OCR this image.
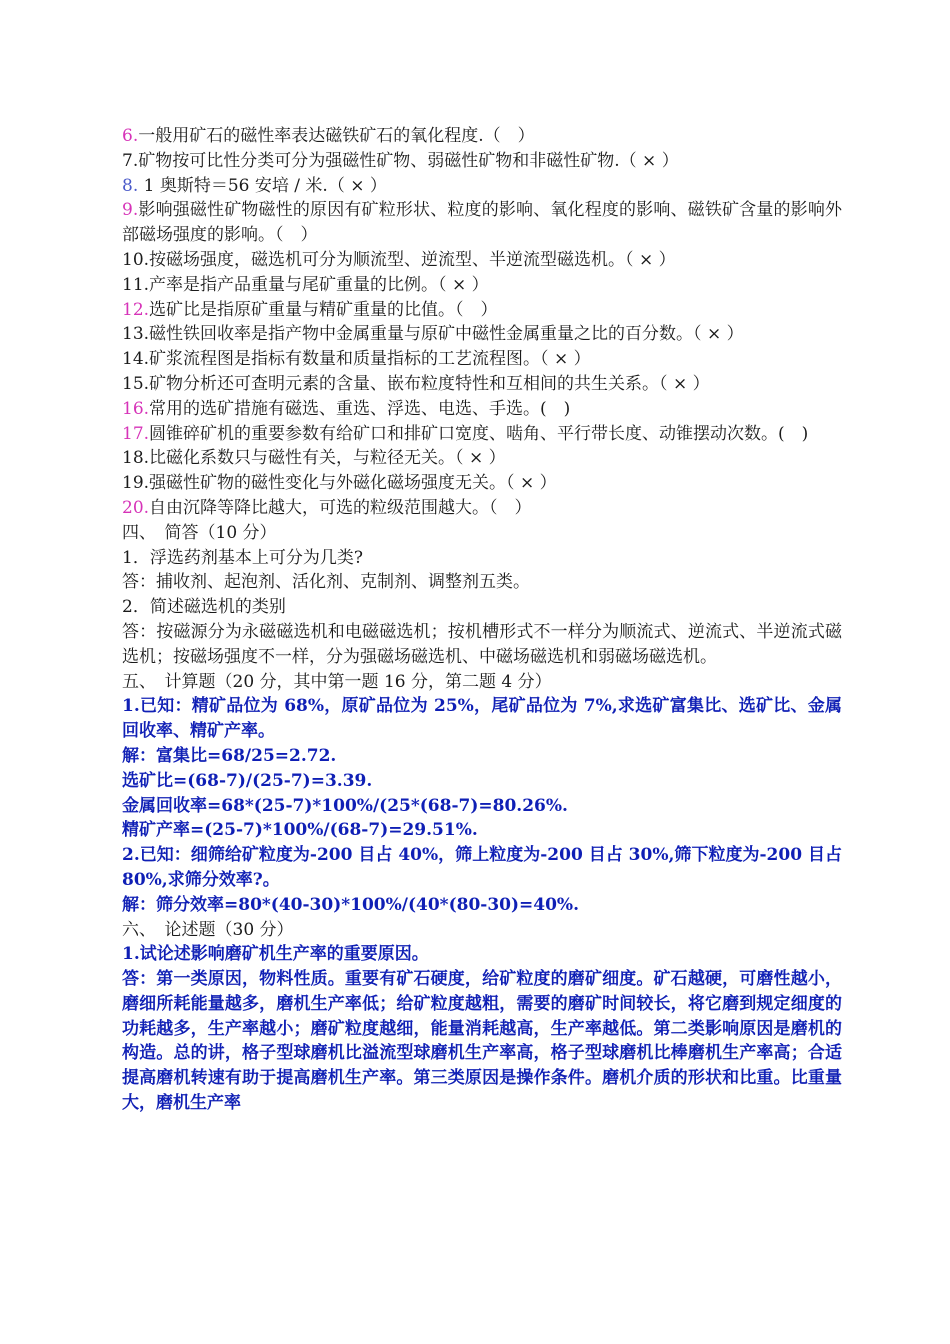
6.一般用矿石的磁性率表达磁铁矿石的氧化程度.（　）
7.矿物按可比性分类可分为强磁性矿物、弱磁性矿物和非磁性矿物.（ × ）
8. 1 奥斯特＝56 安培 / 米.（ × ）
9.影响强磁性矿物磁性的原因有矿粒形状、粒度的影响、氧化程度的影响、磁铁矿含量的影响外部磁场强度的影响。（　）
10.按磁场强度，磁选机可分为顺流型、逆流型、半逆流型磁选机。（ × ）
11.产率是指产品重量与尾矿重量的比例。（ × ）
12.选矿比是指原矿重量与精矿重量的比值。（　）
13.磁性铁回收率是指产物中金属重量与原矿中磁性金属重量之比的百分数。（ × ）
14.矿浆流程图是指标有数量和质量指标的工艺流程图。（ × ）
15.矿物分析还可查明元素的含量、嵌布粒度特性和互相间的共生关系。（ × ）
16.常用的选矿措施有磁选、重选、浮选、电选、手选。(　)
17.圆锥碎矿机的重要参数有给矿口和排矿口宽度、啮角、平行带长度、动锥摆动次数。(　)
18.比磁化系数只与磁性有关，与粒径无关。（ × ）
19.强磁性矿物的磁性变化与外磁化磁场强度无关。（ × ）
20.自由沉降等降比越大，可选的粒级范围越大。（　）
四、　简答（10 分）
1．浮选药剂基本上可分为几类?
答：捕收剂、起泡剂、活化剂、克制剂、调整剂五类。
2．简述磁选机的类别
答：按磁源分为永磁磁选机和电磁磁选机；按机槽形式不一样分为顺流式、逆流式、半逆流式磁选机；按磁场强度不一样，分为强磁场磁选机、中磁场磁选机和弱磁场磁选机。
五、　计算题（20 分，其中第一题 16 分，第二题 4 分）
1.已知：精矿品位为 68%，原矿品位为 25%，尾矿品位为 7%,求选矿富集比、选矿比、金属回收率、精矿产率。
解：富集比=68/25=2.72.
选矿比=(68-7)/(25-7)=3.39.
金属回收率=68*(25-7)*100%/(25*(68-7)=80.26%.
精矿产率=(25-7)*100%/(68-7)=29.51%.
2.已知：细筛给矿粒度为-200 目占 40%，筛上粒度为-200 目占 30%,筛下粒度为-200 目占 80%,求筛分效率?。
解：筛分效率=80*(40-30)*100%/(40*(80-30)=40%.
六、　论述题（30 分）
1.试论述影响磨矿机生产率的重要原因。
答：第一类原因，物料性质。重要有矿石硬度，给矿粒度的磨矿细度。矿石越硬，可磨性越小，磨细所耗能量越多，磨机生产率低；给矿粒度越粗，需要的磨矿时间较长，将它磨到规定细度的功耗越多，生产率越小；磨矿粒度越细，能量消耗越高，生产率越低。第二类影响原因是磨机的构造。总的讲，格子型球磨机比溢流型球磨机生产率高，格子型球磨机比棒磨机生产率高；合适提高磨机转速有助于提高磨机生产率。第三类原因是操作条件。磨机介质的形状和比重。比重量大，磨机生产率
